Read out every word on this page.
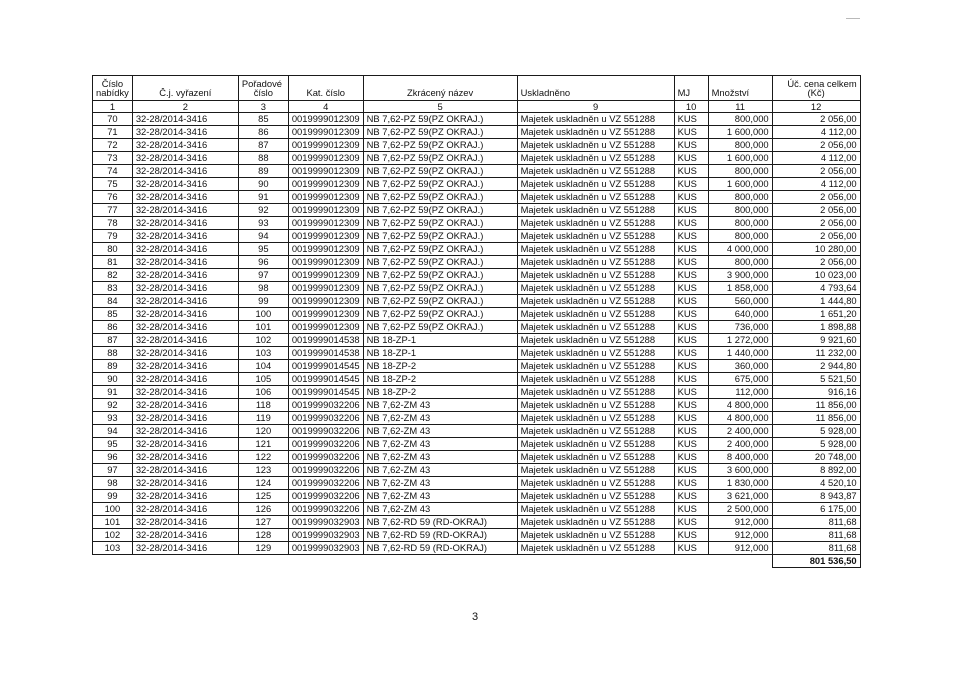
Číslo		Pořadové						Úč. cena celkem
nabídky	Č.j. vyřazení	číslo	Kat. číslo	Zkrácený název	Uskladněno	MJ	Množství	(Kč)
1	2	3	4	5	9	10	11	12
70	32-28/2014-3416	85	0019999012309	NB 7,62-PZ 59(PZ OKRAJ.)	Majetek uskladněn u VZ 551288	KUS	800,000	2 056,00
71	32-28/2014-3416	86	0019999012309	NB 7,62-PZ 59(PZ OKRAJ.)	Majetek uskladněn u VZ 551288	KUS	1 600,000	4 112,00
72	32-28/2014-3416	87	0019999012309	NB 7,62-PZ 59(PZ OKRAJ.)	Majetek uskladněn u VZ 551288	KUS	800,000	2 056,00
73	32-28/2014-3416	88	0019999012309	NB 7,62-PZ 59(PZ OKRAJ.)	Majetek uskladněn u VZ 551288	KUS	1 600,000	4 112,00
74	32-28/2014-3416	89	0019999012309	NB 7,62-PZ 59(PZ OKRAJ.)	Majetek uskladněn u VZ 551288	KUS	800,000	2 056,00
75	32-28/2014-3416	90	0019999012309	NB 7,62-PZ 59(PZ OKRAJ.)	Majetek uskladněn u VZ 551288	KUS	1 600,000	4 112,00
76	32-28/2014-3416	91	0019999012309	NB 7,62-PZ 59(PZ OKRAJ.)	Majetek uskladněn u VZ 551288	KUS	800,000	2 056,00
77	32-28/2014-3416	92	0019999012309	NB 7,62-PZ 59(PZ OKRAJ.)	Majetek uskladněn u VZ 551288	KUS	800,000	2 056,00
78	32-28/2014-3416	93	0019999012309	NB 7,62-PZ 59(PZ OKRAJ.)	Majetek uskladněn u VZ 551288	KUS	800,000	2 056,00
79	32-28/2014-3416	94	0019999012309	NB 7,62-PZ 59(PZ OKRAJ.)	Majetek uskladněn u VZ 551288	KUS	800,000	2 056,00
80	32-28/2014-3416	95	0019999012309	NB 7,62-PZ 59(PZ OKRAJ.)	Majetek uskladněn u VZ 551288	KUS	4 000,000	10 280,00
81	32-28/2014-3416	96	0019999012309	NB 7,62-PZ 59(PZ OKRAJ.)	Majetek uskladněn u VZ 551288	KUS	800,000	2 056,00
82	32-28/2014-3416	97	0019999012309	NB 7,62-PZ 59(PZ OKRAJ.)	Majetek uskladněn u VZ 551288	KUS	3 900,000	10 023,00
83	32-28/2014-3416	98	0019999012309	NB 7,62-PZ 59(PZ OKRAJ.)	Majetek uskladněn u VZ 551288	KUS	1 858,000	4 793,64
84	32-28/2014-3416	99	0019999012309	NB 7,62-PZ 59(PZ OKRAJ.)	Majetek uskladněn u VZ 551288	KUS	560,000	1 444,80
85	32-28/2014-3416	100	0019999012309	NB 7,62-PZ 59(PZ OKRAJ.)	Majetek uskladněn u VZ 551288	KUS	640,000	1 651,20
86	32-28/2014-3416	101	0019999012309	NB 7,62-PZ 59(PZ OKRAJ.)	Majetek uskladněn u VZ 551288	KUS	736,000	1 898,88
87	32-28/2014-3416	102	0019999014538	NB 18-ZP-1	Majetek uskladněn u VZ 551288	KUS	1 272,000	9 921,60
88	32-28/2014-3416	103	0019999014538	NB 18-ZP-1	Majetek uskladněn u VZ 551288	KUS	1 440,000	11 232,00
89	32-28/2014-3416	104	0019999014545	NB 18-ZP-2	Majetek uskladněn u VZ 551288	KUS	360,000	2 944,80
90	32-28/2014-3416	105	0019999014545	NB 18-ZP-2	Majetek uskladněn u VZ 551288	KUS	675,000	5 521,50
91	32-28/2014-3416	106	0019999014545	NB 18-ZP-2	Majetek uskladněn u VZ 551288	KUS	112,000	916,16
92	32-28/2014-3416	118	0019999032206	NB 7,62-ZM 43	Majetek uskladněn u VZ 551288	KUS	4 800,000	11 856,00
93	32-28/2014-3416	119	0019999032206	NB 7,62-ZM 43	Majetek uskladněn u VZ 551288	KUS	4 800,000	11 856,00
94	32-28/2014-3416	120	0019999032206	NB 7,62-ZM 43	Majetek uskladněn u VZ 551288	KUS	2 400,000	5 928,00
95	32-28/2014-3416	121	0019999032206	NB 7,62-ZM 43	Majetek uskladněn u VZ 551288	KUS	2 400,000	5 928,00
96	32-28/2014-3416	122	0019999032206	NB 7,62-ZM 43	Majetek uskladněn u VZ 551288	KUS	8 400,000	20 748,00
97	32-28/2014-3416	123	0019999032206	NB 7,62-ZM 43	Majetek uskladněn u VZ 551288	KUS	3 600,000	8 892,00
98	32-28/2014-3416	124	0019999032206	NB 7,62-ZM 43	Majetek uskladněn u VZ 551288	KUS	1 830,000	4 520,10
99	32-28/2014-3416	125	0019999032206	NB 7,62-ZM 43	Majetek uskladněn u VZ 551288	KUS	3 621,000	8 943,87
100	32-28/2014-3416	126	0019999032206	NB 7,62-ZM 43	Majetek uskladněn u VZ 551288	KUS	2 500,000	6 175,00
101	32-28/2014-3416	127	0019999032903	NB 7,62-RD 59 (RD-OKRAJ)	Majetek uskladněn u VZ 551288	KUS	912,000	811,68
102	32-28/2014-3416	128	0019999032903	NB 7,62-RD 59 (RD-OKRAJ)	Majetek uskladněn u VZ 551288	KUS	912,000	811,68
103	32-28/2014-3416	129	0019999032903	NB 7,62-RD 59 (RD-OKRAJ)	Majetek uskladněn u VZ 551288	KUS	912,000	811,68
								801 536,50
3
